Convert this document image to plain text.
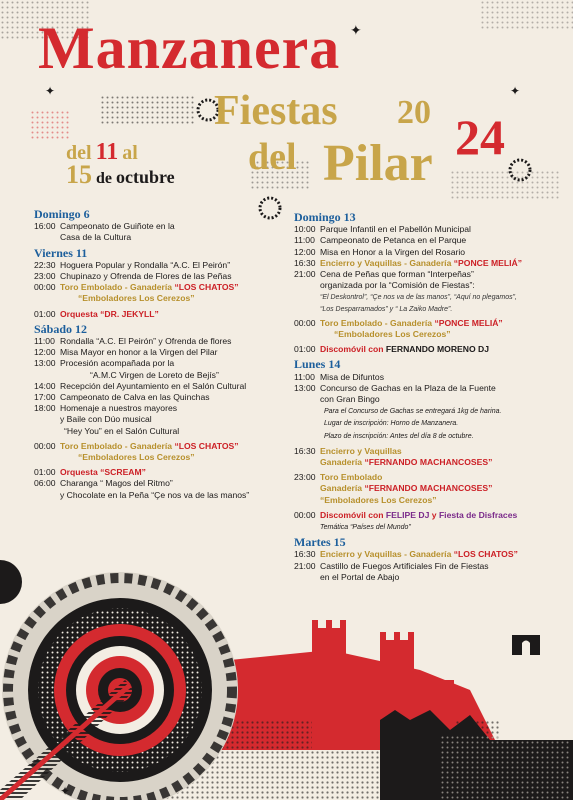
✦
✦
✦
Manzanera
Fiestas 20 24
del Pilar
del 11 al
15 de octubre
Domingo 6
16:00 Campeonato de Guiñote en la
Casa de la Cultura
Viernes 11
22:30 Hoguera Popular y Rondalla “A.C. El Peirón”
23:00 Chupinazo y Ofrenda de Flores de las Peñas
00:00 Toro Embolado - Ganadería “LOS CHATOS”
“Emboladores Los Cerezos”
01:00 Orquesta “DR. JEKYLL”
Sábado 12
11:00 Rondalla “A.C. El Peirón” y Ofrenda de flores
12:00 Misa Mayor en honor a la Virgen del Pilar
13:00 Procesión acompañada por la
“A.M.C Virgen de Loreto de Bejís”
14:00 Recepción del Ayuntamiento en el Salón Cultural
17:00 Campeonato de Calva en las Quinchas
18:00 Homenaje a nuestros mayores
y Baile con Dúo musical
“Hey You” en el Salón Cultural
00:00 Toro Embolado - Ganadería “LOS CHATOS”
“Emboladores Los Cerezos”
01:00 Orquesta “SCREAM”
06:00 Charanga “ Magos del Ritmo”
y Chocolate en la Peña “Çe nos va de las manos”
Domingo 13
10:00 Parque Infantil en el Pabellón Municipal
11:00 Campeonato de Petanca en el Parque
12:00 Misa en Honor a la Virgen del Rosario
16:30 Encierro y Vaquillas - Ganadería “PONCE MELIÁ”
21:00 Cena de Peñas que forman “Interpeñas”
organizada por la “Comisión de Fiestas”:
“El Deskontrol”, “Çe nos va de las manos”, “Aquí no plegamos”,
“Los Desparramados” y “ La Zaiko Madre”.
00:00 Toro Embolado - Ganadería “PONCE MELIÁ”
“Emboladores Los Cerezos”
01:00 Discomóvil con FERNANDO MORENO DJ
Lunes 14
11:00 Misa de Difuntos
13:00 Concurso de Gachas en la Plaza de la Fuente
con Gran Bingo
Para el Concurso de Gachas se entregará 1kg de harina.
Lugar de inscripción: Horno de Manzanera.
Plazo de inscripción: Antes del día 8 de octubre.
16:30 Encierro y Vaquillas
Ganadería “FERNANDO MACHANCOSES”
23:00 Toro Embolado
Ganadería “FERNANDO MACHANCOSES”
“Emboladores Los Cerezos”
00:00 Discomóvil con FELIPE DJ y Fiesta de Disfraces
Temática “Países del Mundo”
Martes 15
16:30 Encierro y Vaquillas - Ganadería “LOS CHATOS”
21:00 Castillo de Fuegos Artificiales Fin de Fiestas
en el Portal de Abajo
✦
